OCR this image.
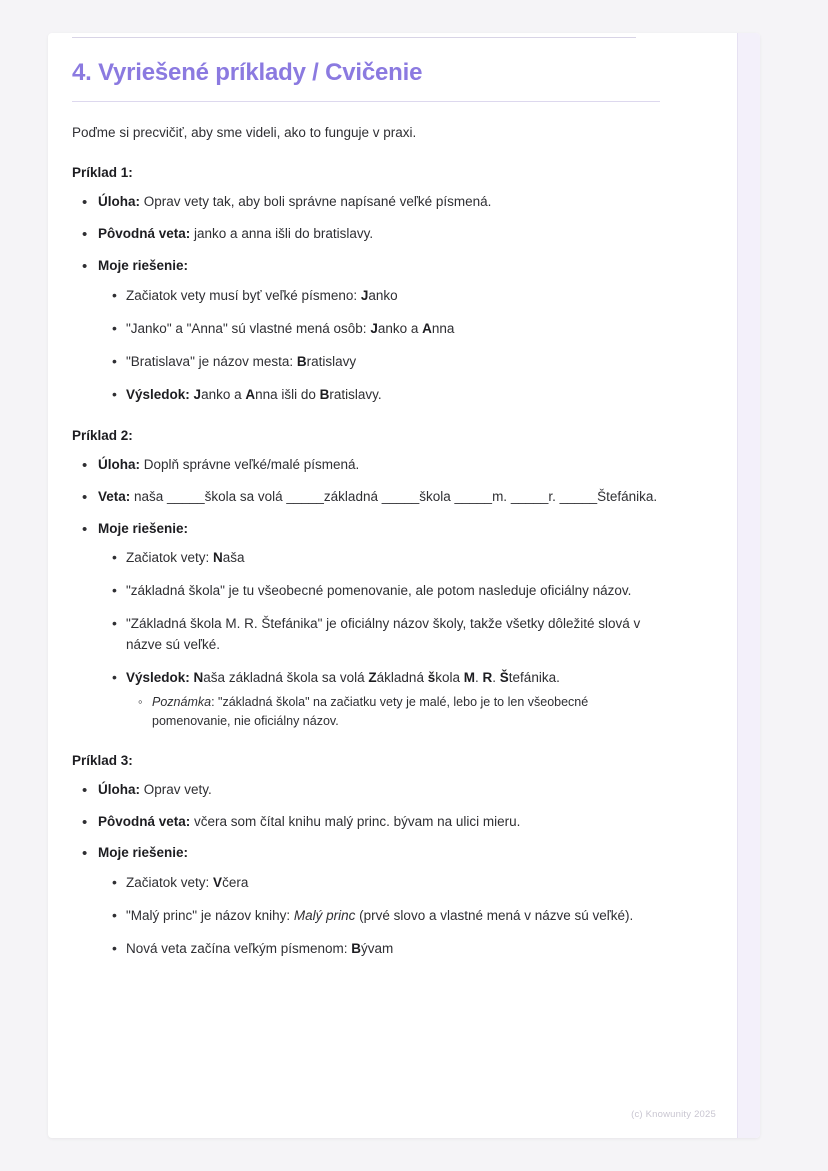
4. Vyriešené príklady / Cvičenie

Poďme si precvičiť, aby sme videli, ako to funguje v praxi.

Príklad 1:

• Úloha: Oprav vety tak, aby boli správne napísané veľké písmená.
• Pôvodná veta: janko a anna išli do bratislavy.
• Moje riešenie:
• Začiatok vety musí byť veľké písmeno: Janko
• "Janko" a "Anna" sú vlastné mená osôb: Janko a Anna
• "Bratislava" je názov mesta: Bratislavy
• Výsledok: Janko a Anna išli do Bratislavy.

Príklad 2:

• Úloha: Doplň správne veľké/malé písmená.
• Veta: naša _____škola sa volá _____základná _____škola _____m. _____r. _____Štefánika.
• Moje riešenie:
• Začiatok vety: Naša
• "základná škola" je tu všeobecné pomenovanie, ale potom nasleduje oficiálny názov.
• "Základná škola M. R. Štefánika" je oficiálny názov školy, takže všetky dôležité slová v názve sú veľké.
• Výsledok: Naša základná škola sa volá Základná škola M. R. Štefánika.
◦ Poznámka: "základná škola" na začiatku vety je malé, lebo je to len všeobecné pomenovanie, nie oficiálny názov.

Príklad 3:

• Úloha: Oprav vety.
• Pôvodná veta: včera som čítal knihu malý princ. bývam na ulici mieru.
• Moje riešenie:
• Začiatok vety: Včera
• "Malý princ" je názov knihy: Malý princ (prvé slovo a vlastné mená v názve sú veľké).
• Nová veta začína veľkým písmenom: Bývam
(c) Knowunity 2025
